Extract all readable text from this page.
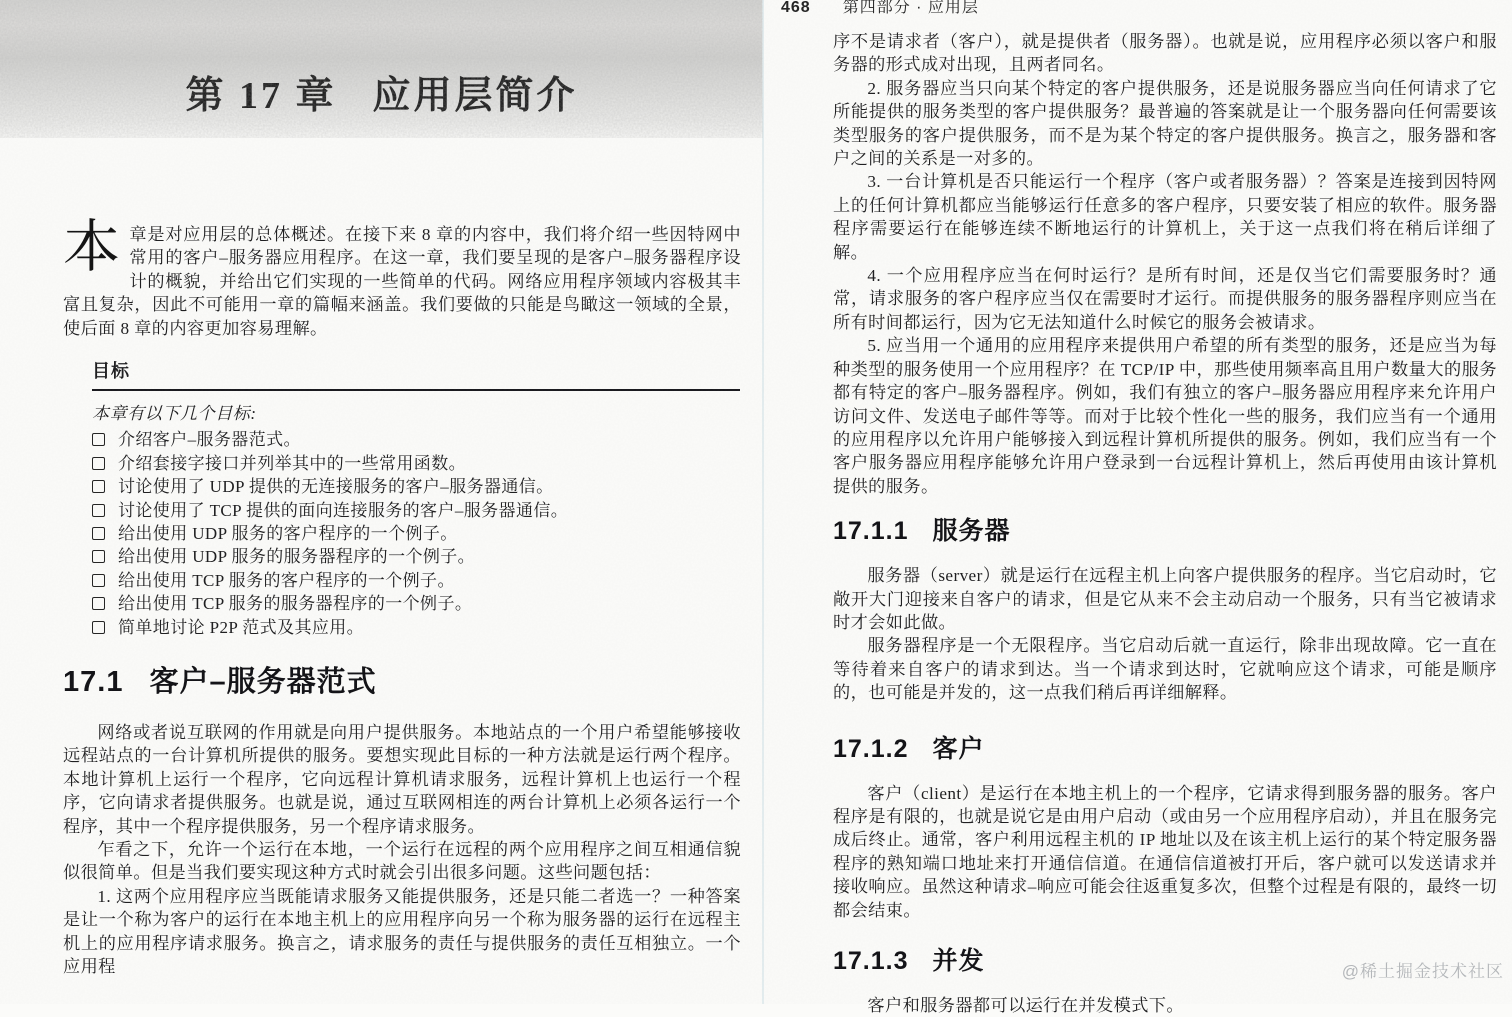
第 17 章 应用层简介
本章是对应用层的总体概述。在接下来 8 章的内容中，我们将介绍一些因特网中常用的客户–服务器应用程序。在这一章，我们要呈现的是客户–服务器程序设计的概貌，并给出它们实现的一些简单的代码。网络应用程序领域内容极其丰富且复杂，因此不可能用一章的篇幅来涵盖。我们要做的只能是鸟瞰这一领域的全景，使后面 8 章的内容更加容易理解。
目标
本章有以下几个目标:
介绍客户–服务器范式。
介绍套接字接口并列举其中的一些常用函数。
讨论使用了 UDP 提供的无连接服务的客户–服务器通信。
讨论使用了 TCP 提供的面向连接服务的客户–服务器通信。
给出使用 UDP 服务的客户程序的一个例子。
给出使用 UDP 服务的服务器程序的一个例子。
给出使用 TCP 服务的客户程序的一个例子。
给出使用 TCP 服务的服务器程序的一个例子。
简单地讨论 P2P 范式及其应用。
17.1 客户–服务器范式

网络或者说互联网的作用就是向用户提供服务。本地站点的一个用户希望能够接收远程站点的一台计算机所提供的服务。要想实现此目标的一种方法就是运行两个程序。本地计算机上运行一个程序，它向远程计算机请求服务，远程计算机上也运行一个程序，它向请求者提供服务。也就是说，通过互联网相连的两台计算机上必须各运行一个程序，其中一个程序提供服务，另一个程序请求服务。

乍看之下，允许一个运行在本地，一个运行在远程的两个应用程序之间互相通信貌似很简单。但是当我们要实现这种方式时就会引出很多问题。这些问题包括：

1. 这两个应用程序应当既能请求服务又能提供服务，还是只能二者选一？一种答案是让一个称为客户的运行在本地主机上的应用程序向另一个称为服务器的运行在远程主机上的应用程序请求服务。换言之，请求服务的责任与提供服务的责任互相独立。一个应用程

468 第四部分 · 应用层

序不是请求者（客户），就是提供者（服务器）。也就是说，应用程序必须以客户和服务器的形式成对出现，且两者同名。

2. 服务器应当只向某个特定的客户提供服务，还是说服务器应当向任何请求了它所能提供的服务类型的客户提供服务？最普遍的答案就是让一个服务器向任何需要该类型服务的客户提供服务，而不是为某个特定的客户提供服务。换言之，服务器和客户之间的关系是一对多的。

3. 一台计算机是否只能运行一个程序（客户或者服务器）？答案是连接到因特网上的任何计算机都应当能够运行任意多的客户程序，只要安装了相应的软件。服务器程序需要运行在能够连续不断地运行的计算机上，关于这一点我们将在稍后详细了解。

4. 一个应用程序应当在何时运行？是所有时间，还是仅当它们需要服务时？通常，请求服务的客户程序应当仅在需要时才运行。而提供服务的服务器程序则应当在所有时间都运行，因为它无法知道什么时候它的服务会被请求。

5. 应当用一个通用的应用程序来提供用户希望的所有类型的服务，还是应当为每种类型的服务使用一个应用程序？在 TCP/IP 中，那些使用频率高且用户数量大的服务都有特定的客户–服务器程序。例如，我们有独立的客户–服务器应用程序来允许用户访问文件、发送电子邮件等等。而对于比较个性化一些的服务，我们应当有一个通用的应用程序以允许用户能够接入到远程计算机所提供的服务。例如，我们应当有一个客户服务器应用程序能够允许用户登录到一台远程计算机上，然后再使用由该计算机提供的服务。

17.1.1 服务器

服务器（server）就是运行在远程主机上向客户提供服务的程序。当它启动时，它敞开大门迎接来自客户的请求，但是它从来不会主动启动一个服务，只有当它被请求时才会如此做。

服务器程序是一个无限程序。当它启动后就一直运行，除非出现故障。它一直在等待着来自客户的请求到达。当一个请求到达时，它就响应这个请求，可能是顺序的，也可能是并发的，这一点我们稍后再详细解释。

17.1.2 客户

客户（client）是运行在本地主机上的一个程序，它请求得到服务器的服务。客户程序是有限的，也就是说它是由用户启动（或由另一个应用程序启动），并且在服务完成后终止。通常，客户利用远程主机的 IP 地址以及在该主机上运行的某个特定服务器程序的熟知端口地址来打开通信信道。在通信信道被打开后，客户就可以发送请求并接收响应。虽然这种请求–响应可能会往返重复多次，但整个过程是有限的，最终一切都会结束。

17.1.3 并发

客户和服务器都可以运行在并发模式下。

@稀土掘金技术社区
